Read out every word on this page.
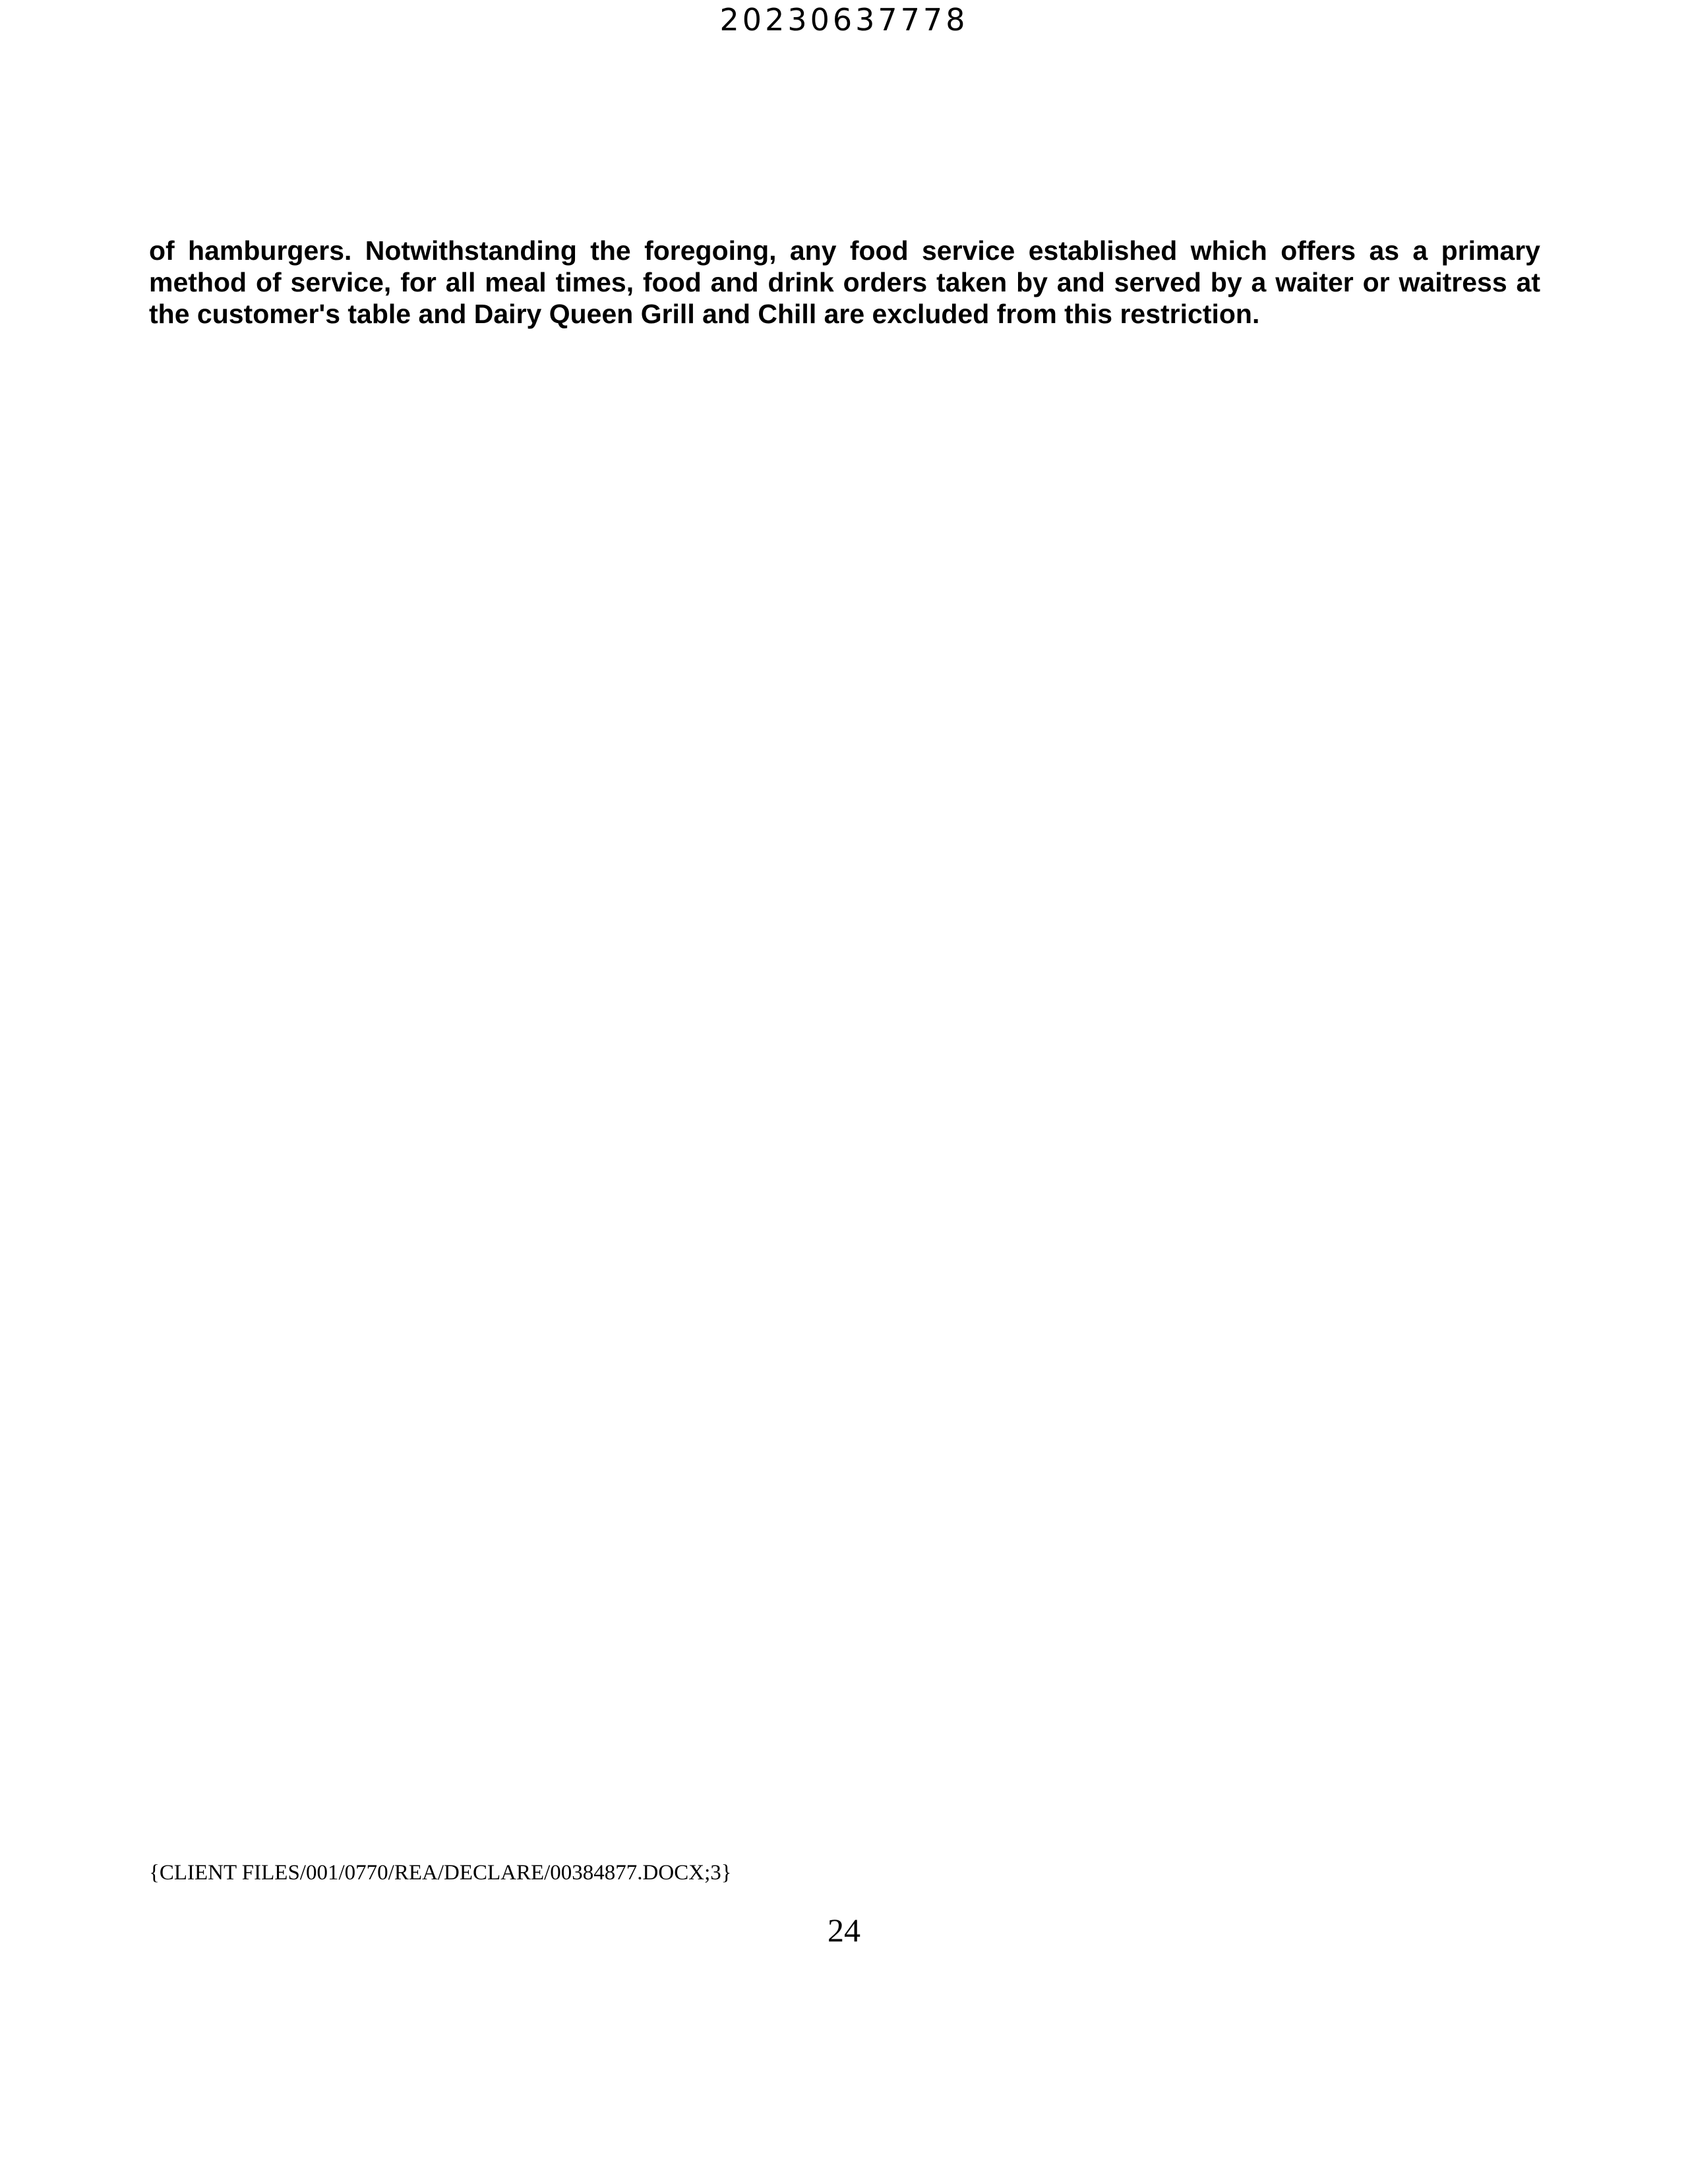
20230637778

of hamburgers. Notwithstanding the foregoing, any food service established which offers as a primary method of service, for all meal times, food and drink orders taken by and served by a waiter or waitress at the customer's table and Dairy Queen Grill and Chill are excluded from this restriction.

{CLIENT FILES/001/0770/REA/DECLARE/00384877.DOCX;3}
24
